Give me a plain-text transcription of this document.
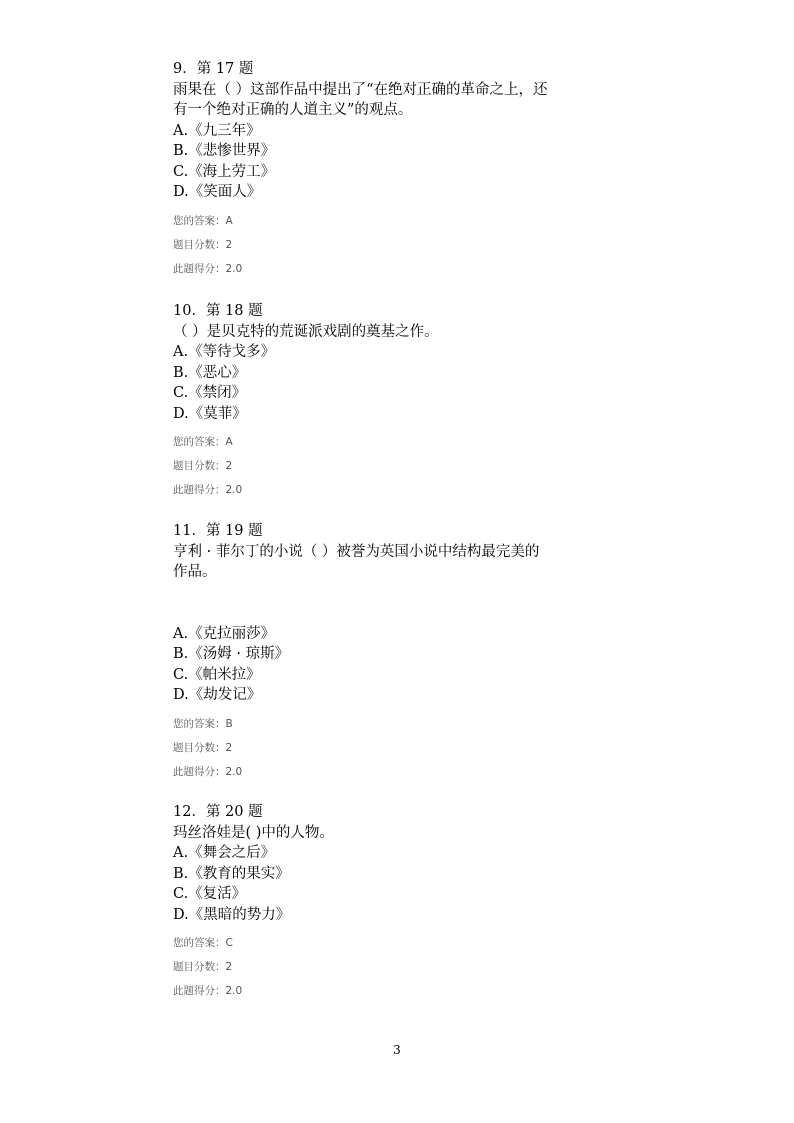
9．第 17 题
雨果在（ ）这部作品中提出了“在绝对正确的革命之上，还有一个绝对正确的人道主义”的观点。
A.《九三年》
B.《悲惨世界》
C.《海上劳工》
D.《笑面人》
您的答案：A
题目分数：2
此题得分：2.0
10．第 18 题
（ ）是贝克特的荒诞派戏剧的奠基之作。
A.《等待戈多》
B.《恶心》
C.《禁闭》
D.《莫菲》
您的答案：A
题目分数：2
此题得分：2.0
11．第 19 题
亨利 · 菲尔丁的小说（ ）被誉为英国小说中结构最完美的作品。
A.《克拉丽莎》
B.《汤姆 · 琼斯》
C.《帕米拉》
D.《劫发记》
您的答案：B
题目分数：2
此题得分：2.0
12．第 20 题
玛丝洛娃是( )中的人物。
A.《舞会之后》
B.《教育的果实》
C.《复活》
D.《黑暗的势力》
您的答案：C
题目分数：2
此题得分：2.0
3
